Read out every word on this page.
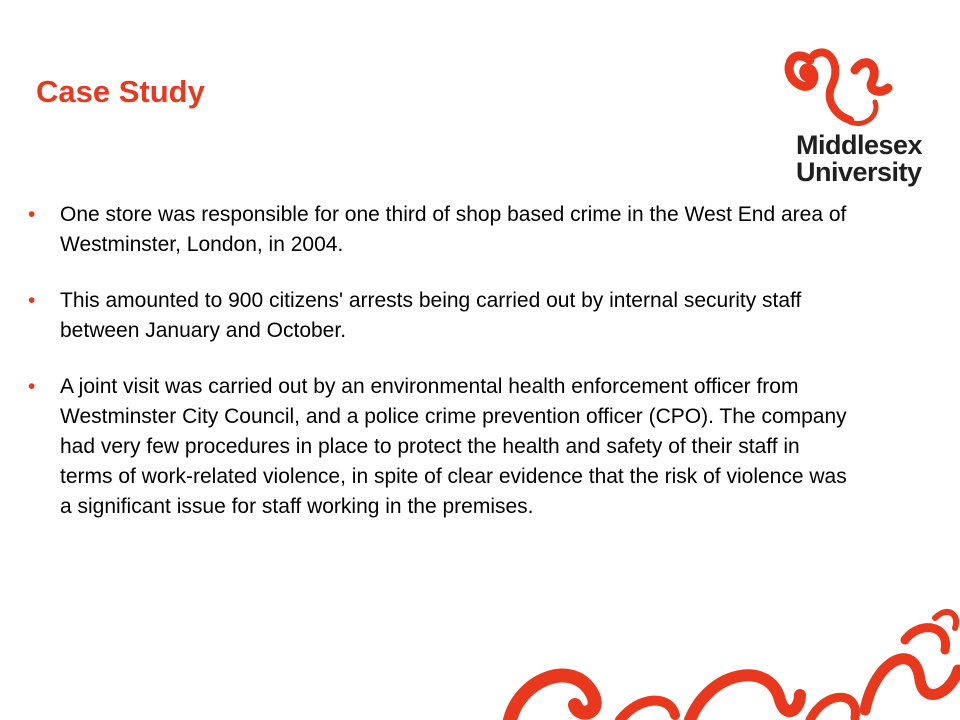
Case Study
Middlesex
University
• One store was responsible for one third of shop based crime in the West End area of Westminster, London, in 2004.
• This amounted to 900 citizens' arrests being carried out by internal security staff between January and October.
• A joint visit was carried out by an environmental health enforcement officer from Westminster City Council, and a police crime prevention officer (CPO). The company had very few procedures in place to protect the health and safety of their staff in terms of work-related violence, in spite of clear evidence that the risk of violence was a significant issue for staff working in the premises.
